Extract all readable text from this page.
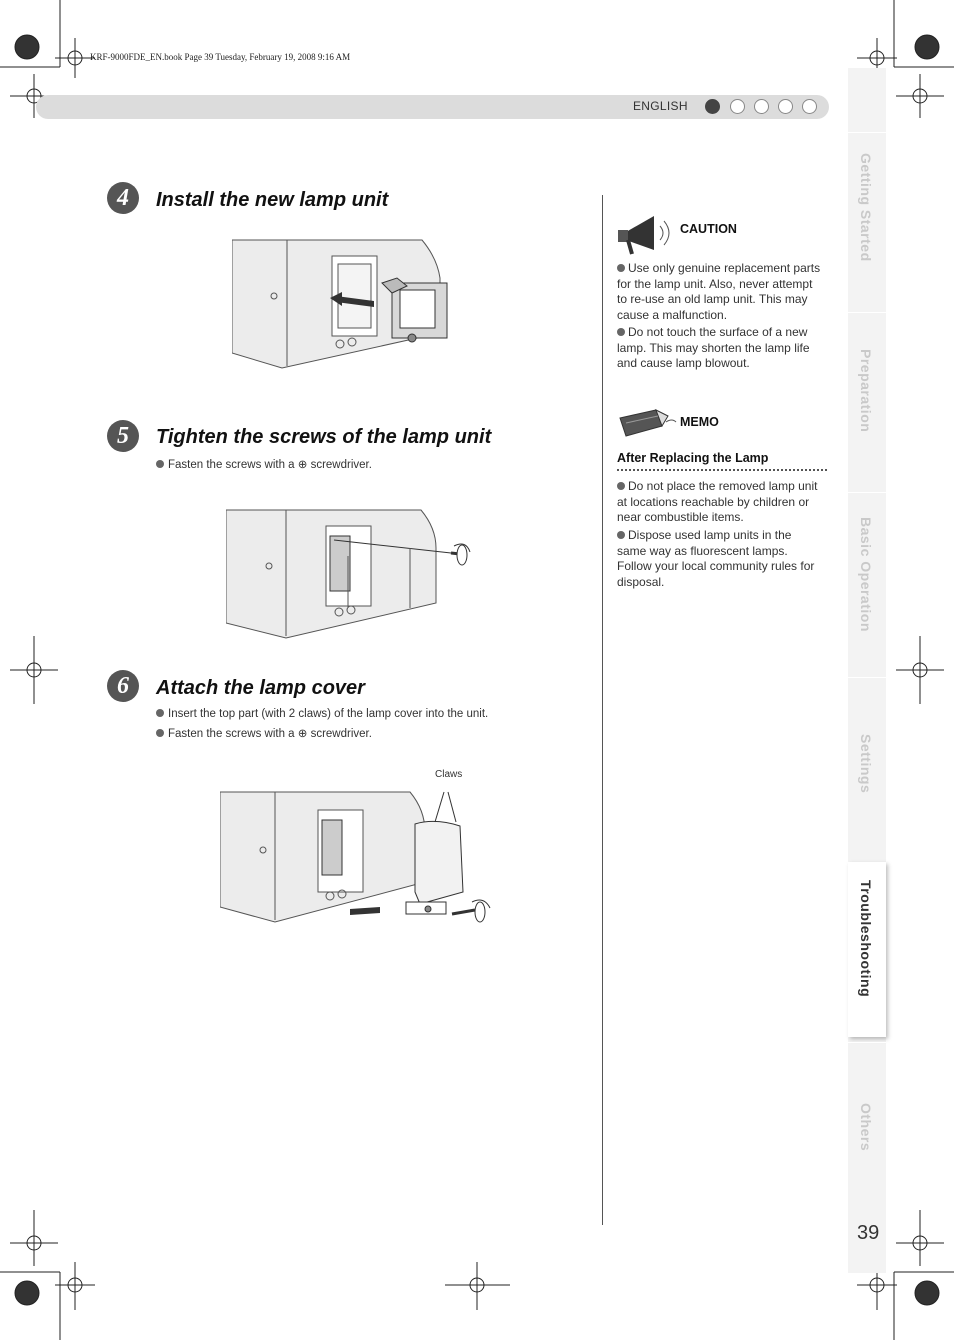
KRF-9000FDE_EN.book Page 39 Tuesday, February 19, 2008 9:16 AM
ENGLISH
4	Install the new lamp unit
5	Tighten the screws of the lamp unit
Fasten the screws with a ⊕ screwdriver.
6	Attach the lamp cover
Insert the top part (with 2 claws) of the lamp cover into the unit.
Fasten the screws with a ⊕ screwdriver.
Claws
CAUTION
Use only genuine replacement parts for the lamp unit. Also, never attempt to re-use an old lamp unit. This may cause a malfunction.
Do not touch the surface of a new lamp. This may shorten the lamp life and cause lamp blowout.
MEMO
After Replacing the Lamp
Do not place the removed lamp unit at locations reachable by children or near combustible items.
Dispose used lamp units in the same way as fluorescent lamps. Follow your local community rules for disposal.
Getting Started
Preparation
Basic Operation
Settings
Troubleshooting
Others
39
